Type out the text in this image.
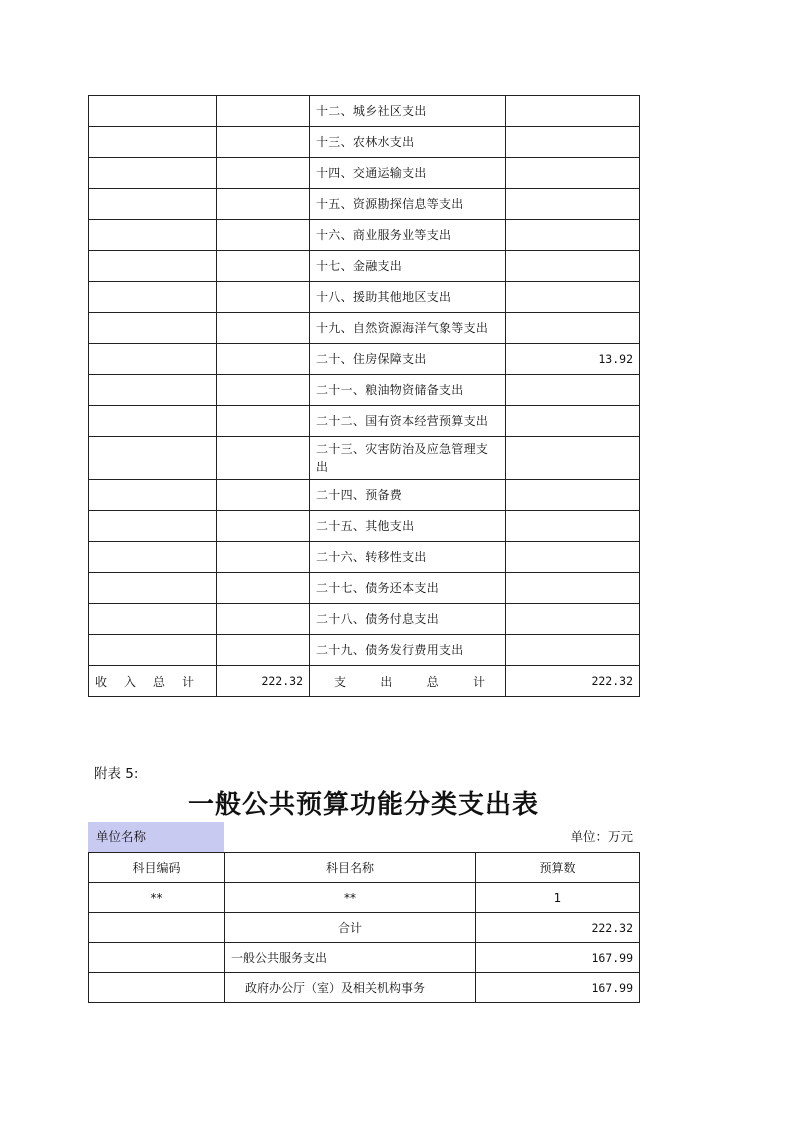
		十二、城乡社区支出	
		十三、农林水支出	
		十四、交通运输支出	
		十五、资源勘探信息等支出	
		十六、商业服务业等支出	
		十七、金融支出	
		十八、援助其他地区支出	
		十九、自然资源海洋气象等支出	
		二十、住房保障支出	13.92
		二十一、粮油物资储备支出	
		二十二、国有资本经营预算支出	
		二十三、灾害防治及应急管理支出	
		二十四、预备费	
		二十五、其他支出	
		二十六、转移性支出	
		二十七、债务还本支出	
		二十八、债务付息支出	
		二十九、债务发行费用支出	

收 入 总 计	222.32	支 出 总 计	222.32
附表 5:
一般公共预算功能分类支出表
单位名称	单位：万元
科目编码	科目名称	预算数
**	**	1
	合计	222.32
	一般公共服务支出	167.99
	政府办公厅（室）及相关机构事务	167.99
